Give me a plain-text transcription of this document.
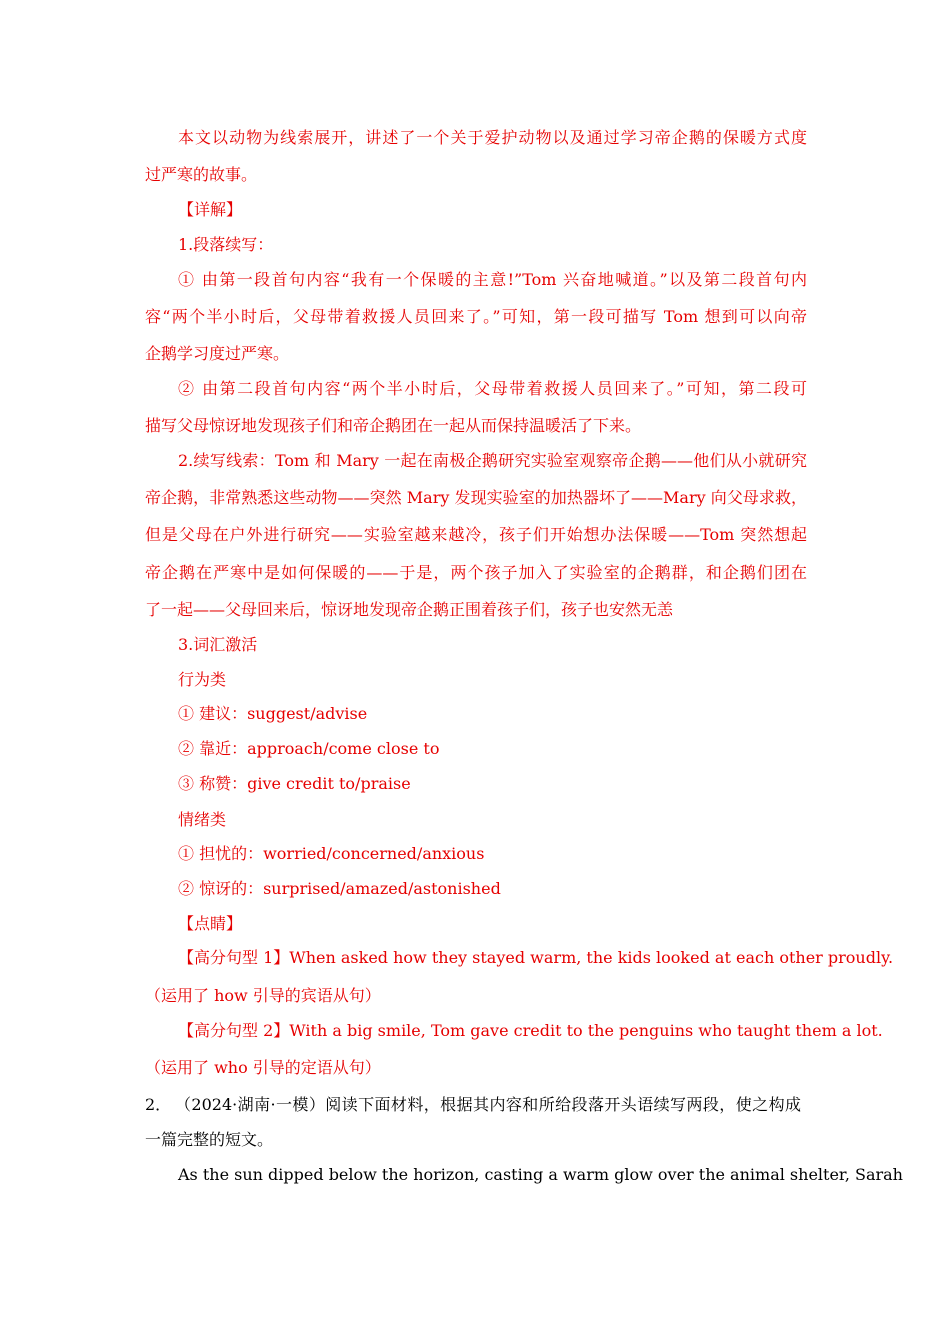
本文以动物为线索展开，讲述了一个关于爱护动物以及通过学习帝企鹅的保暖方式度
过严寒的故事。
【详解】
1.段落续写：
① 由第一段首句内容“我有一个保暖的主意!”Tom 兴奋地喊道。”以及第二段首句内
容“两个半小时后，父母带着救援人员回来了。”可知，第一段可描写 Tom 想到可以向帝
企鹅学习度过严寒。
② 由第二段首句内容“两个半小时后，父母带着救援人员回来了。”可知，第二段可
描写父母惊讶地发现孩子们和帝企鹅团在一起从而保持温暖活了下来。
2.续写线索：Tom 和 Mary 一起在南极企鹅研究实验室观察帝企鹅——他们从小就研究
帝企鹅，非常熟悉这些动物——突然 Mary 发现实验室的加热器坏了——Mary 向父母求救，
但是父母在户外进行研究——实验室越来越冷，孩子们开始想办法保暖——Tom 突然想起
帝企鹅在严寒中是如何保暖的——于是，两个孩子加入了实验室的企鹅群，和企鹅们团在
了一起——父母回来后，惊讶地发现帝企鹅正围着孩子们，孩子也安然无恙
3.词汇激活
行为类
① 建议：suggest/advise
② 靠近：approach/come close to
③ 称赞：give credit to/praise
情绪类
① 担忧的：worried/concerned/anxious
② 惊讶的：surprised/amazed/astonished
【点睛】
【高分句型 1】When asked how they stayed warm, the kids looked at each other proudly.
（运用了 how 引导的宾语从句）
【高分句型 2】With a big smile, Tom gave credit to the penguins who taught them a lot.
（运用了 who 引导的定语从句）
2． （2024·湖南·一模）阅读下面材料，根据其内容和所给段落开头语续写两段，使之构成
一篇完整的短文。
As the sun dipped below the horizon, casting a warm glow over the animal shelter, Sarah
